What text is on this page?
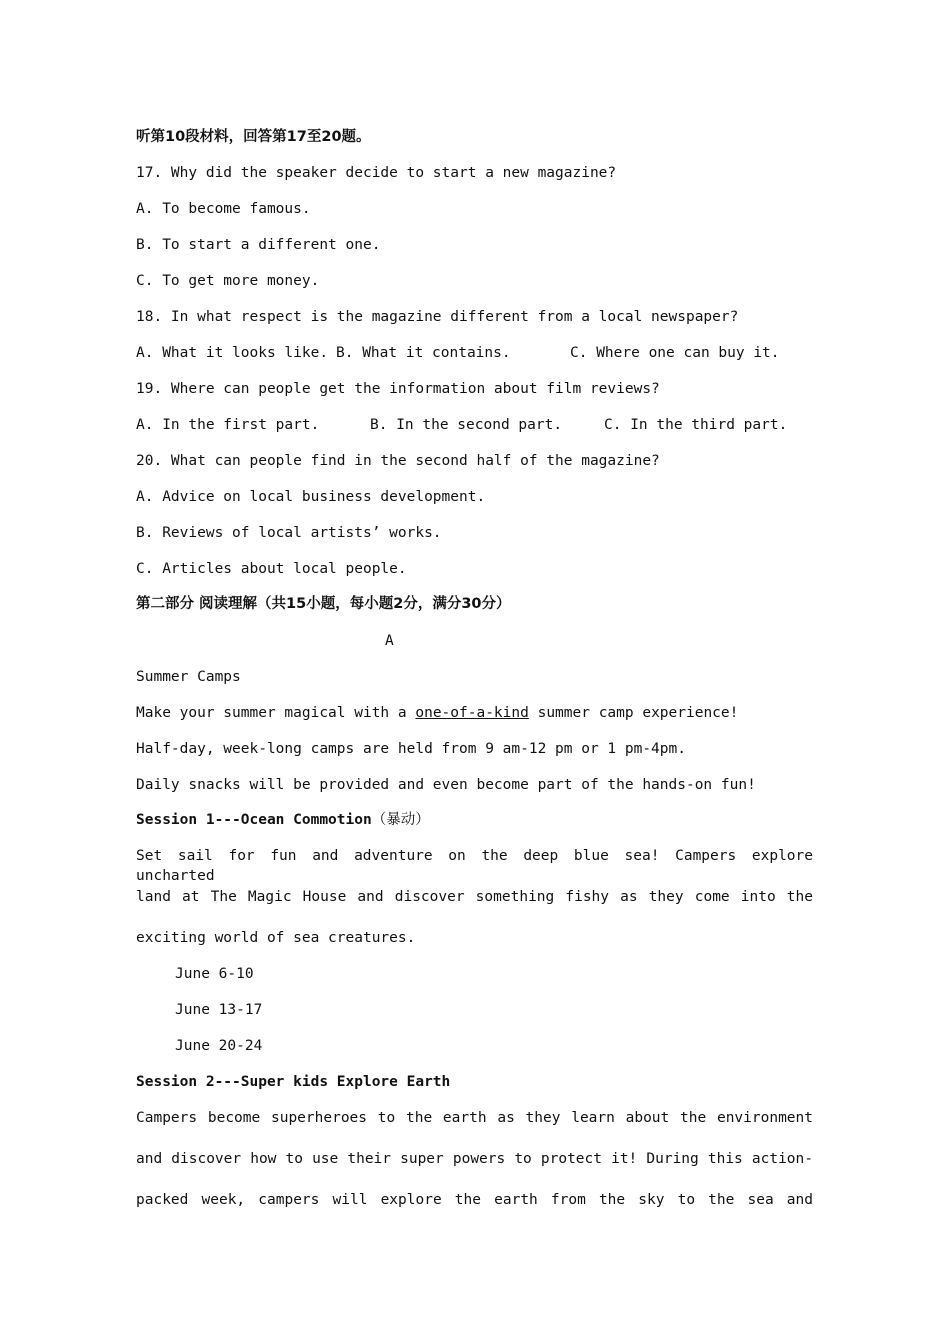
听第10段材料，回答第17至20题。
17. Why did the speaker decide to start a new magazine?
A. To become famous.
B. To start a different one.
C. To get more money.
18. In what respect is the magazine different from a local newspaper?

A. What it looks like.

B. What it contains.

	C. Where one can buy it.

19. Where can people get the information about film reviews?

A. In the first part.

	B. In the second part.

	C. In the third part.

20. What can people find in the second half of the magazine?
A. Advice on local business development.
B. Reviews of local artists’ works.
C. Articles about local people.
第二部分 阅读理解（共15小题，每小题2分，满分30分）
A
Summer Camps
Make your summer magical with a one-of-a-kind summer camp experience!
Half-day, week-long camps are held from 9 am-12 pm or 1 pm-4pm.
Daily snacks will be provided and even become part of the hands-on fun!
Session 1---Ocean Commotion（暴动）
Set sail for fun and adventure on the deep blue sea! Campers explore uncharted
land at The Magic House and discover something fishy as they come into the
exciting world of sea creatures.
June 6-10
June 13-17
June 20-24
Session 2---Super kids Explore Earth
Campers become superheroes to the earth as they learn about the environment
and discover how to use their super powers to protect it! During this action-
packed week, campers will explore the earth from the sky to the sea and
